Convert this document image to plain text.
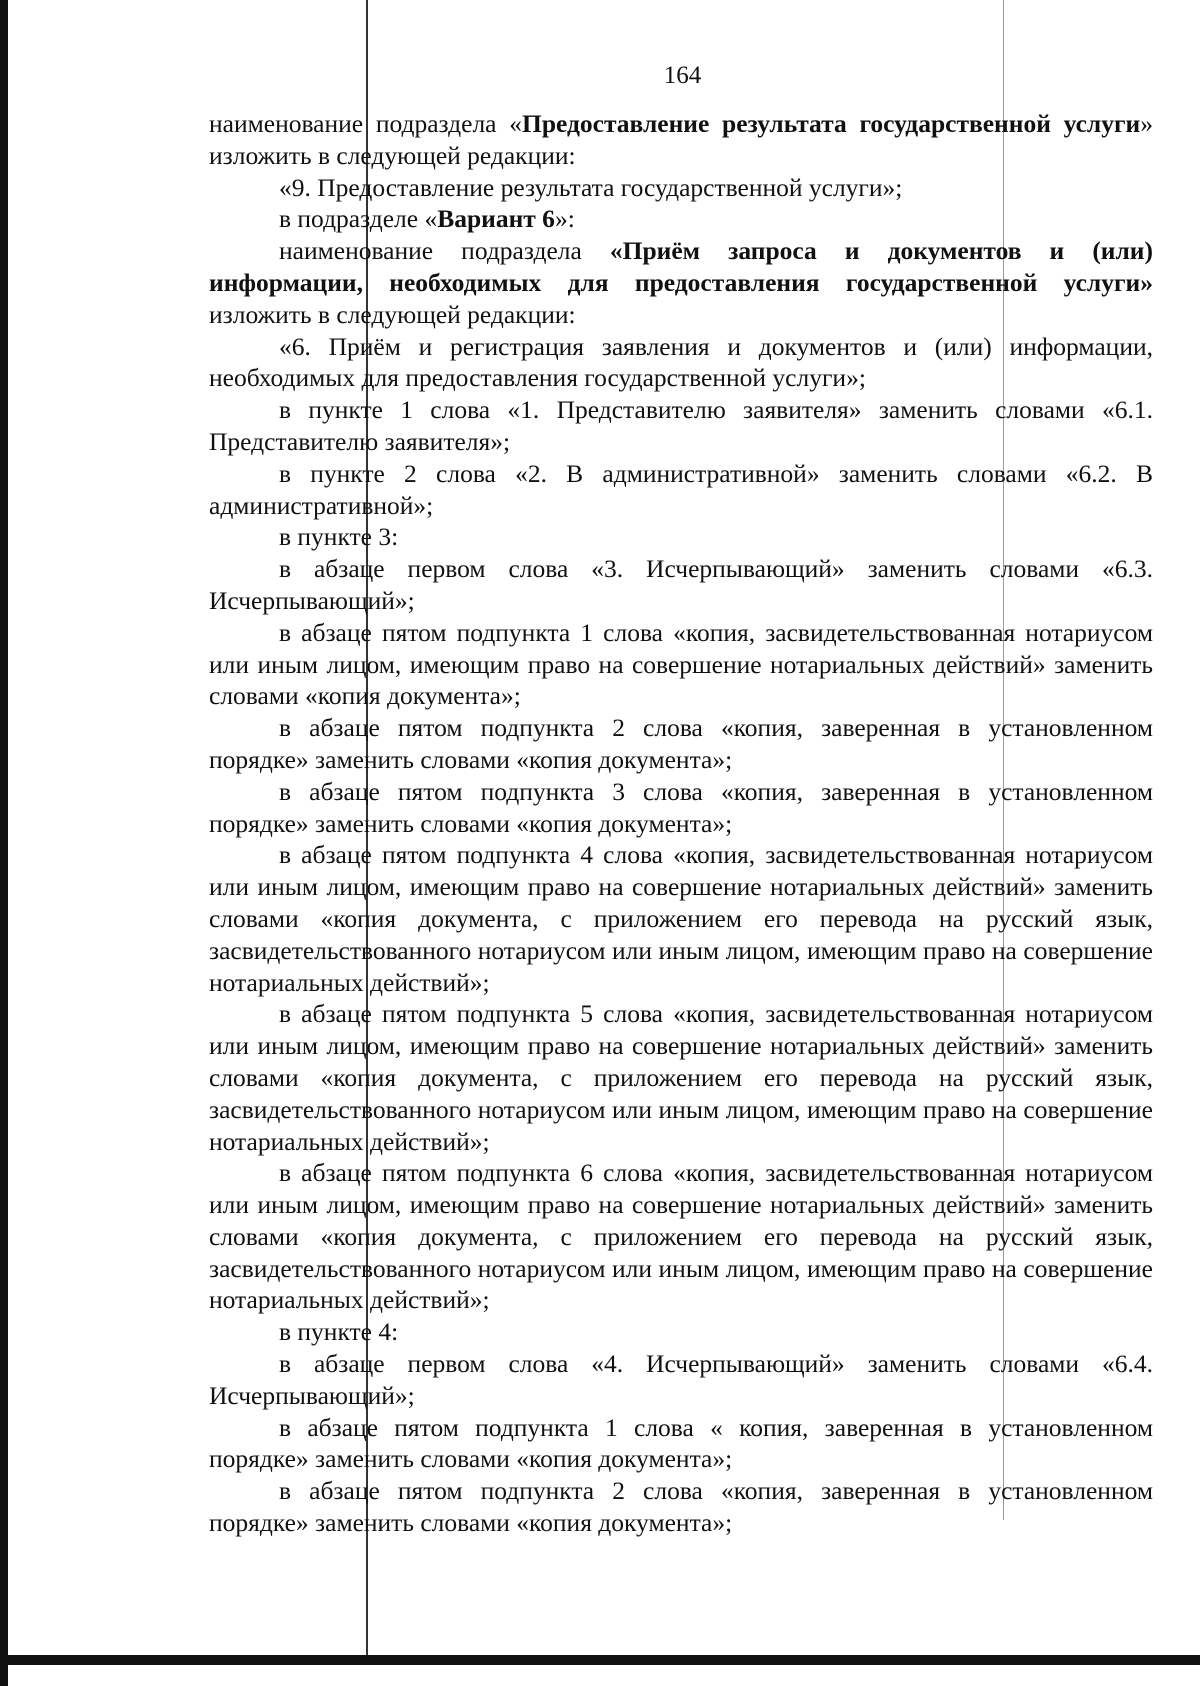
164

наименование подраздела «Предоставление результата государственной услуги» изложить в следующей редакции:

«9. Предоставление результата государственной услуги»;

в подразделе «Вариант 6»:

наименование подраздела «Приём запроса и документов и (или) информации, необходимых для предоставления государственной услуги» изложить в следующей редакции:

«6. Приём и регистрация заявления и документов и (или) информации, необходимых для предоставления государственной услуги»;

в пункте 1 слова «1. Представителю заявителя» заменить словами «6.1. Представителю заявителя»;

в пункте 2 слова «2. В административной» заменить словами «6.2. В административной»;

в пункте 3:

в абзаце первом слова «3. Исчерпывающий» заменить словами «6.3. Исчерпывающий»;

в абзаце пятом подпункта 1 слова «копия, засвидетельствованная нотариусом или иным лицом, имеющим право на совершение нотариальных действий» заменить словами «копия документа»;

в абзаце пятом подпункта 2 слова «копия, заверенная в установленном порядке» заменить словами «копия документа»;

в абзаце пятом подпункта 3 слова «копия, заверенная в установленном порядке» заменить словами «копия документа»;

в абзаце пятом подпункта 4 слова «копия, засвидетельствованная нотариусом или иным лицом, имеющим право на совершение нотариальных действий» заменить словами «копия документа, с приложением его перевода на русский язык, засвидетельствованного нотариусом или иным лицом, имеющим право на совершение нотариальных действий»;

в абзаце пятом подпункта 5 слова «копия, засвидетельствованная нотариусом или иным лицом, имеющим право на совершение нотариальных действий» заменить словами «копия документа, с приложением его перевода на русский язык, засвидетельствованного нотариусом или иным лицом, имеющим право на совершение нотариальных действий»;

в абзаце пятом подпункта 6 слова «копия, засвидетельствованная нотариусом или иным лицом, имеющим право на совершение нотариальных действий» заменить словами «копия документа, с приложением его перевода на русский язык, засвидетельствованного нотариусом или иным лицом, имеющим право на совершение нотариальных действий»;

в пункте 4:

в абзаце первом слова «4. Исчерпывающий» заменить словами «6.4. Исчерпывающий»;

в абзаце пятом подпункта 1 слова « копия, заверенная в установленном порядке» заменить словами «копия документа»;

в абзаце пятом подпункта 2 слова «копия, заверенная в установленном порядке» заменить словами «копия документа»;
